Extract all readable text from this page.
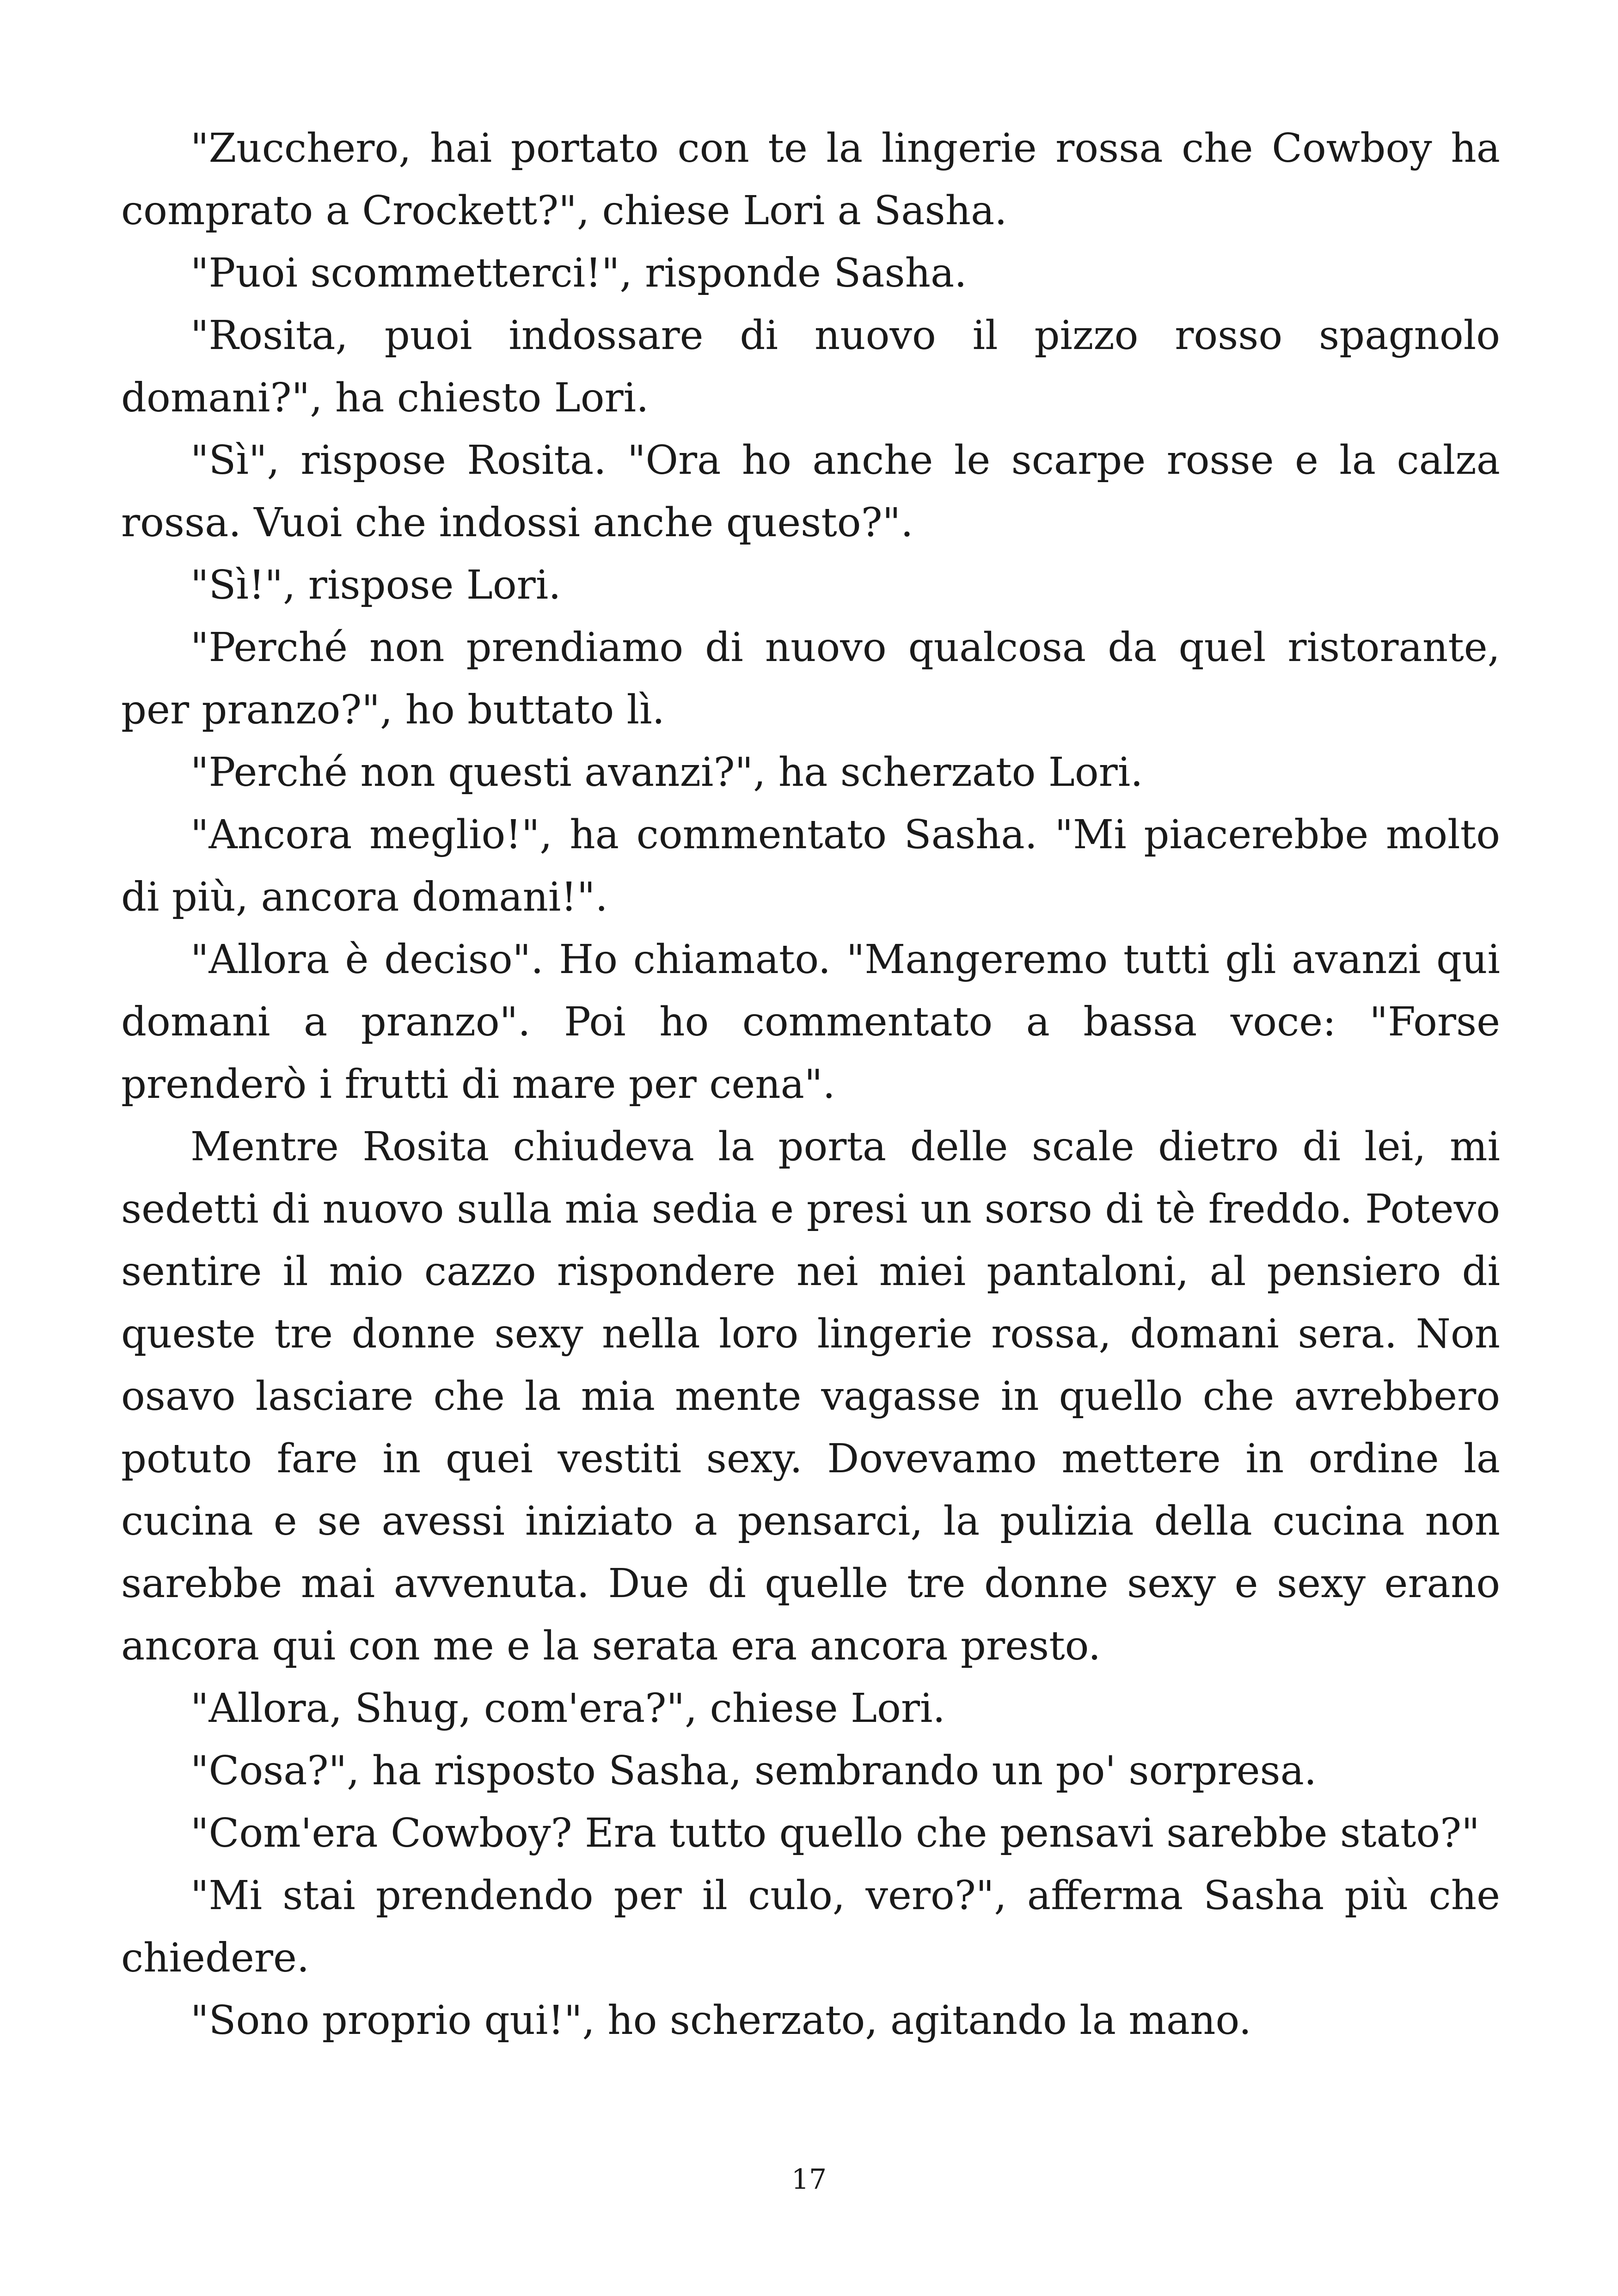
"Zucchero, hai portato con te la lingerie rossa che Cowboy ha comprato a Crockett?", chiese Lori a Sasha.

"Puoi scommetterci!", risponde Sasha.

"Rosita, puoi indossare di nuovo il pizzo rosso spagnolo domani?", ha chiesto Lori.

"Sì", rispose Rosita. "Ora ho anche le scarpe rosse e la calza rossa. Vuoi che indossi anche questo?".

"Sì!", rispose Lori.

"Perché non prendiamo di nuovo qualcosa da quel ristorante, per pranzo?", ho buttato lì.

"Perché non questi avanzi?", ha scherzato Lori.

"Ancora meglio!", ha commentato Sasha. "Mi piacerebbe molto di più, ancora domani!".

"Allora è deciso". Ho chiamato. "Mangeremo tutti gli avanzi qui domani a pranzo". Poi ho commentato a bassa voce: "Forse prenderò i frutti di mare per cena".

Mentre Rosita chiudeva la porta delle scale dietro di lei, mi sedetti di nuovo sulla mia sedia e presi un sorso di tè freddo. Potevo sentire il mio cazzo rispondere nei miei pantaloni, al pensiero di queste tre donne sexy nella loro lingerie rossa, domani sera. Non osavo lasciare che la mia mente vagasse in quello che avrebbero potuto fare in quei vestiti sexy. Dovevamo mettere in ordine la cucina e se avessi iniziato a pensarci, la pulizia della cucina non sarebbe mai avvenuta. Due di quelle tre donne sexy e sexy erano ancora qui con me e la serata era ancora presto.

"Allora, Shug, com'era?", chiese Lori.

"Cosa?", ha risposto Sasha, sembrando un po' sorpresa.

"Com'era Cowboy? Era tutto quello che pensavi sarebbe stato?"

"Mi stai prendendo per il culo, vero?", afferma Sasha più che chiedere.

"Sono proprio qui!", ho scherzato, agitando la mano.

17
